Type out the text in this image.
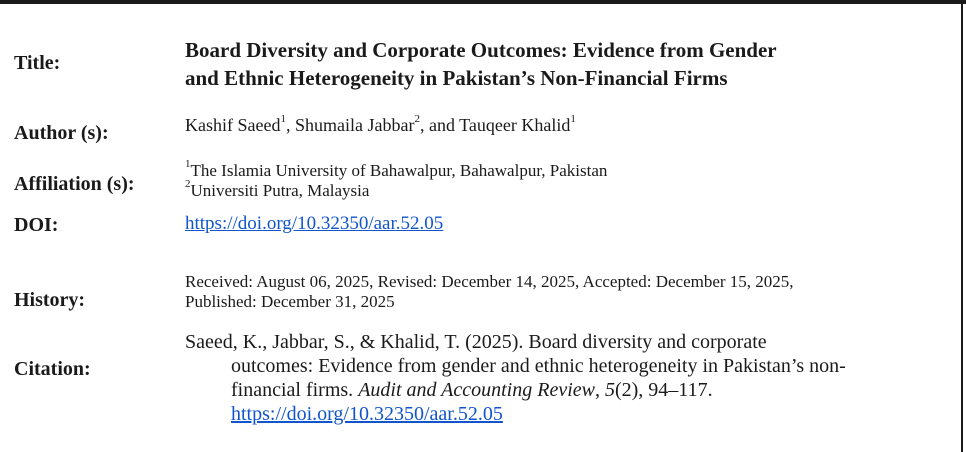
Title:
Board Diversity and Corporate Outcomes: Evidence from Gender
and Ethnic Heterogeneity in Pakistan’s Non-Financial Firms
Author (s):	Kashif Saeed$^1$, Shumaila Jabbar$^2$, and Tauqeer Khalid$^1$
Affiliation (s):
$^1$The Islamia University of Bahawalpur, Bahawalpur, Pakistan
$^2$Universiti Putra, Malaysia
DOI:	https://doi.org/10.32350/aar.52.05
History:
Received: August 06, 2025, Revised: December 14, 2025, Accepted: December 15, 2025,
Published: December 31, 2025
Citation:
Saeed, K., Jabbar, S., & Khalid, T. (2025). Board diversity and corporate
outcomes: Evidence from gender and ethnic heterogeneity in Pakistan’s non-
financial firms. Audit and Accounting Review, 5(2), 94–117.
https://doi.org/10.32350/aar.52.05
